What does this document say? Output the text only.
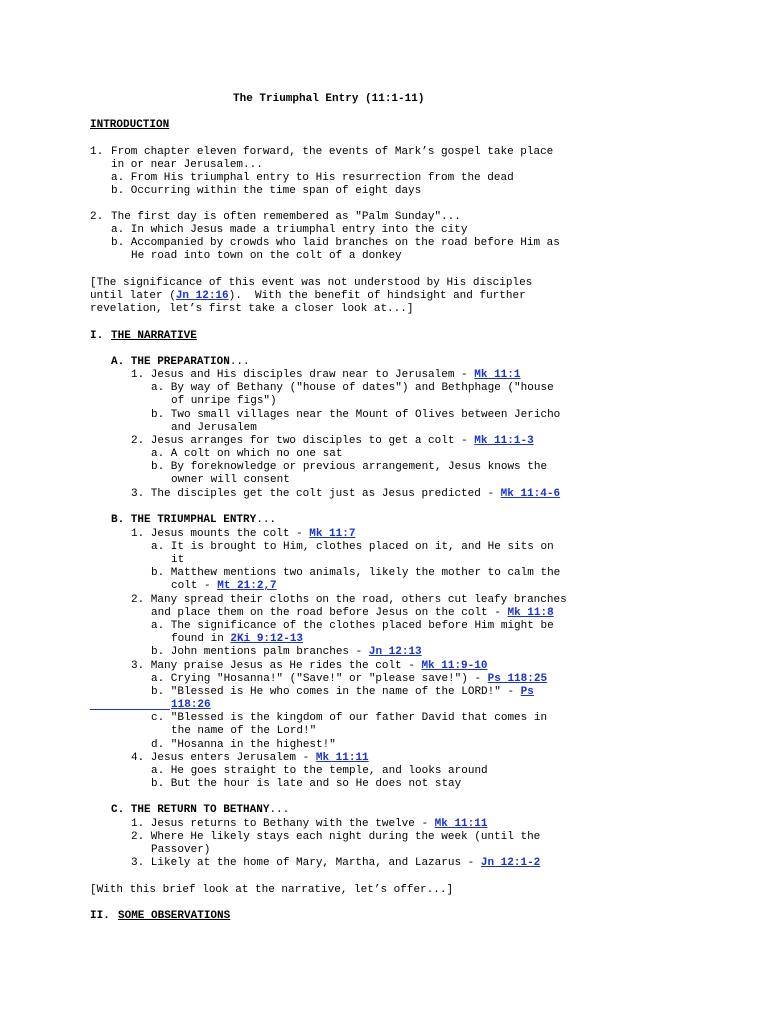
The Triumphal Entry (11:1-11)
INTRODUCTION
1. From chapter eleven forward, the events of Mark’s gospel take place
in or near Jerusalem...
a. From His triumphal entry to His resurrection from the dead
b. Occurring within the time span of eight days
2. The first day is often remembered as "Palm Sunday"...
a. In which Jesus made a triumphal entry into the city
b. Accompanied by crowds who laid branches on the road before Him as
He road into town on the colt of a donkey
[The significance of this event was not understood by His disciples
until later (Jn 12:16).  With the benefit of hindsight and further
revelation, let’s first take a closer look at...]
I. THE NARRATIVE
A. THE PREPARATION...
1. Jesus and His disciples draw near to Jerusalem - Mk 11:1
a. By way of Bethany ("house of dates") and Bethphage ("house
of unripe figs")
b. Two small villages near the Mount of Olives between Jericho
and Jerusalem
2. Jesus arranges for two disciples to get a colt - Mk 11:1-3
a. A colt on which no one sat
b. By foreknowledge or previous arrangement, Jesus knows the
owner will consent
3. The disciples get the colt just as Jesus predicted - Mk 11:4-6
B. THE TRIUMPHAL ENTRY...
1. Jesus mounts the colt - Mk 11:7
a. It is brought to Him, clothes placed on it, and He sits on
it
b. Matthew mentions two animals, likely the mother to calm the
colt - Mt 21:2,7
2. Many spread their cloths on the road, others cut leafy branches
and place them on the road before Jesus on the colt - Mk 11:8
a. The significance of the clothes placed before Him might be
found in 2Ki 9:12-13
b. John mentions palm branches - Jn 12:13
3. Many praise Jesus as He rides the colt - Mk 11:9-10
a. Crying "Hosanna!" ("Save!" or "please save!") - Ps 118:25
b. "Blessed is He who comes in the name of the LORD!" - Ps
118:26
c. "Blessed is the kingdom of our father David that comes in
the name of the Lord!"
d. "Hosanna in the highest!"
4. Jesus enters Jerusalem - Mk 11:11
a. He goes straight to the temple, and looks around
b. But the hour is late and so He does not stay
C. THE RETURN TO BETHANY...
1. Jesus returns to Bethany with the twelve - Mk 11:11
2. Where He likely stays each night during the week (until the
Passover)
3. Likely at the home of Mary, Martha, and Lazarus - Jn 12:1-2
[With this brief look at the narrative, let’s offer...]
II. SOME OBSERVATIONS
